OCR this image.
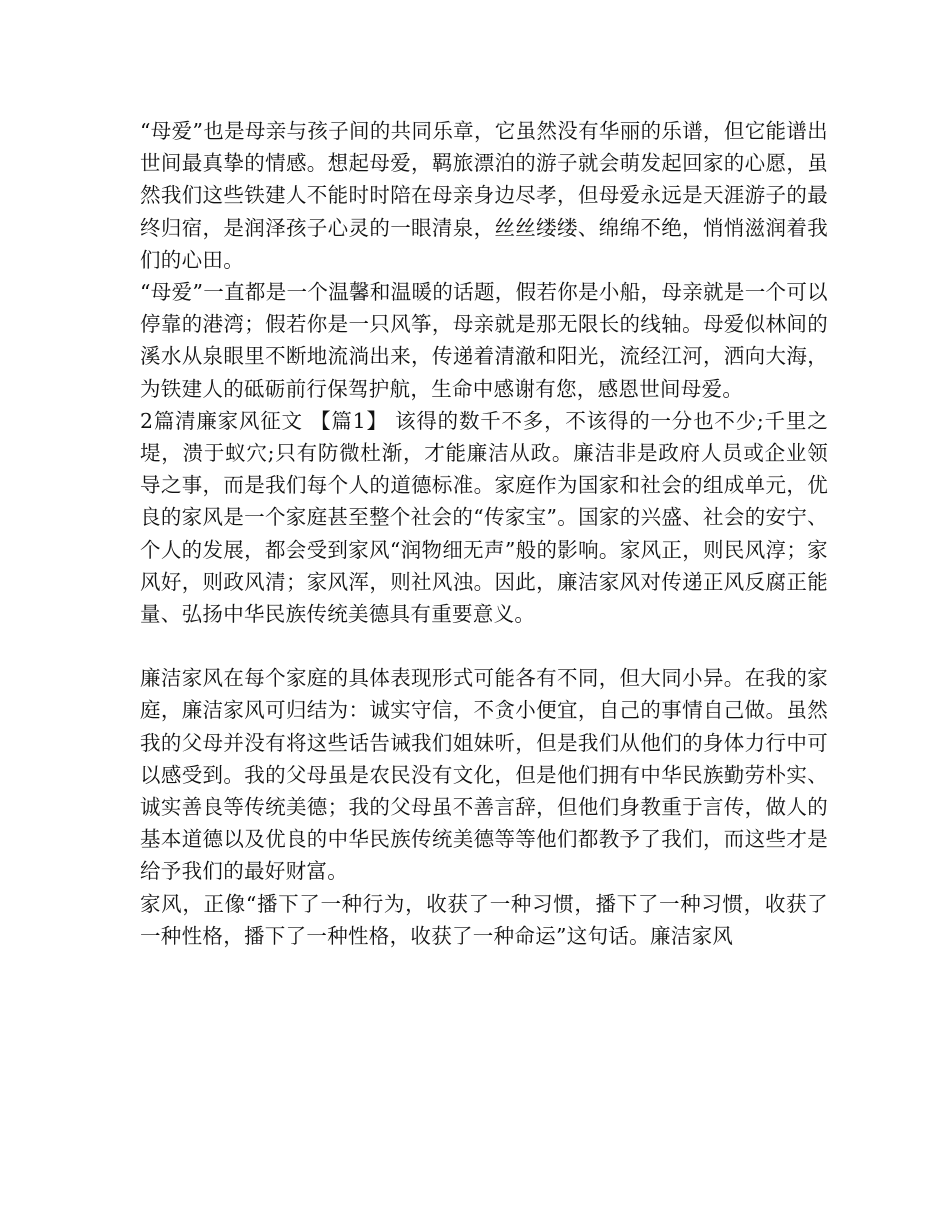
“母爱”也是母亲与孩子间的共同乐章，它虽然没有华丽的乐谱，但它能谱出世间最真挚的情感。想起母爱，羁旅漂泊的游子就会萌发起回家的心愿，虽然我们这些铁建人不能时时陪在母亲身边尽孝，但母爱永远是天涯游子的最终归宿，是润泽孩子心灵的一眼清泉，丝丝缕缕、绵绵不绝，悄悄滋润着我们的心田。

“母爱”一直都是一个温馨和温暖的话题，假若你是小船，母亲就是一个可以停靠的港湾；假若你是一只风筝，母亲就是那无限长的线轴。母爱似林间的溪水从泉眼里不断地流淌出来，传递着清澈和阳光，流经江河，洒向大海，为铁建人的砥砺前行保驾护航，生命中感谢有您，感恩世间母爱。

2篇清廉家风征文 【篇1】 该得的数千不多，不该得的一分也不少;千里之堤，溃于蚁穴;只有防微杜渐，才能廉洁从政。廉洁非是政府人员或企业领导之事，而是我们每个人的道德标准。家庭作为国家和社会的组成单元，优良的家风是一个家庭甚至整个社会的“传家宝”。国家的兴盛、社会的安宁、个人的发展，都会受到家风“润物细无声”般的影响。家风正，则民风淳；家风好，则政风清；家风浑，则社风浊。因此，廉洁家风对传递正风反腐正能量、弘扬中华民族传统美德具有重要意义。

廉洁家风在每个家庭的具体表现形式可能各有不同，但大同小异。在我的家庭，廉洁家风可归结为：诚实守信，不贪小便宜，自己的事情自己做。虽然我的父母并没有将这些话告诫我们姐妹听，但是我们从他们的身体力行中可以感受到。我的父母虽是农民没有文化，但是他们拥有中华民族勤劳朴实、诚实善良等传统美德；我的父母虽不善言辞，但他们身教重于言传，做人的基本道德以及优良的中华民族传统美德等等他们都教予了我们，而这些才是给予我们的最好财富。

家风，正像“播下了一种行为，收获了一种习惯，播下了一种习惯，收获了一种性格，播下了一种性格，收获了一种命运”这句话。廉洁家风
